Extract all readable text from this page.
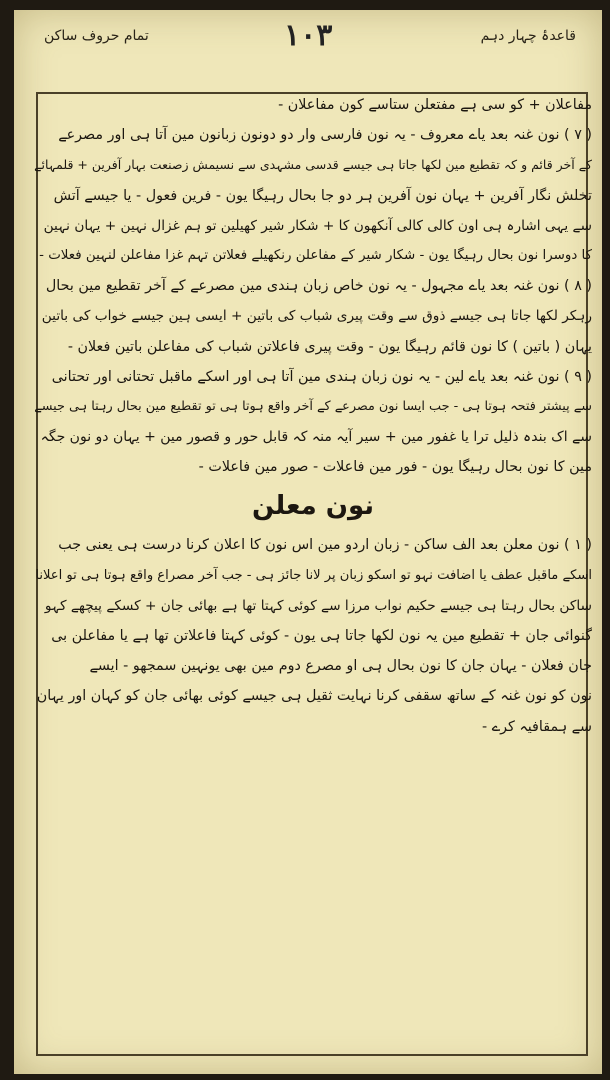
قاعدۂ چہار دہم
١٠٣
تمام حروف ساکن
مفاعلان + کو سی ہے مفتعلن ستاسے کون مفاعلان -
( ٧ ) نون غنہ بعد یاے معروف - یہ نون فارسی وار دو دونون زبانون مین آتا ہی اور مصرعے
کے آخر قائم و کہ تقطیع مین لکھا جاتا ہی جیسے قدسی مشہدی سے نسیمش زصنعت بہار آفرین + قلمہائے
تخلش نگار آفرین + یہان نون آفرین ہر دو جا بحال رہیگا یون - فرین فعول - یا جیسے آتش
سے یہی اشارہ ہی اون کالی کالی آنکھون کا + شکار شیر کھیلین تو ہم غزال نہین + یہان نہین
کا دوسرا نون بحال رہیگا یون - شکار شیر کے مفاعلن رنکھیلے فعلاتن تہم غزا مفاعلن لنہین فعلات -
( ٨ ) نون غنہ بعد یاے مجہول - یہ نون خاص زبان ہندی مین مصرعے کے آخر تقطیع مین بحال
رہکر لکھا جاتا ہی جیسے ذوق سے وقت پیری شباب کی باتین + ایسی ہین جیسے خواب کی باتین
یہان ( باتین ) کا نون قائم رہیگا یون - وقت پیری فاعلاتن شباب کی مفاعلن باتین فعلان -
( ٩ ) نون غنہ بعد یاے لین - یہ نون زبان ہندی مین آتا ہی اور اسکے ماقبل تحتانی اور تحتانی
سے پیشتر فتحہ ہوتا ہی - جب ایسا نون مصرعے کے آخر واقع ہوتا ہی تو تقطیع مین بحال رہتا ہی جیسے
سے اک بندہ ذلیل ترا یا غفور مین + سیر آیہ منہ کہ قابل حور و قصور مین + یہان دو نون جگہ
مین کا نون بحال رہیگا یون - فور مین فاعلات - صور مین فاعلات -
نون معلن
( ١ ) نون معلن بعد الف ساکن - زبان اردو مین اس نون کا اعلان کرنا درست ہی یعنی جب
اسکے ماقبل عطف یا اضافت نہو تو اسکو زبان پر لانا جائز ہی - جب آخر مصراع واقع ہوتا ہی تو اعلانا
ساکن بحال رہتا ہی جیسے حکیم نواب مرزا سے کوئی کہتا تھا ہے بھائی جان + کسکے پیچھے کہو
گنوائی جان + تقطیع مین یہ نون لکھا جاتا ہی یون - کوئی کہتا فاعلاتن تھا ہے یا مفاعلن بی
جان فعلان - یہان جان کا نون بحال ہی او مصرع دوم مین بھی یونہین سمجھو - ایسے
نون کو نون غنہ کے ساتھ سقفی کرنا نہایت ثقیل ہی جیسے کوئی بھائی جان کو کہان اور یہان
سے ہمقافیہ کرے -
